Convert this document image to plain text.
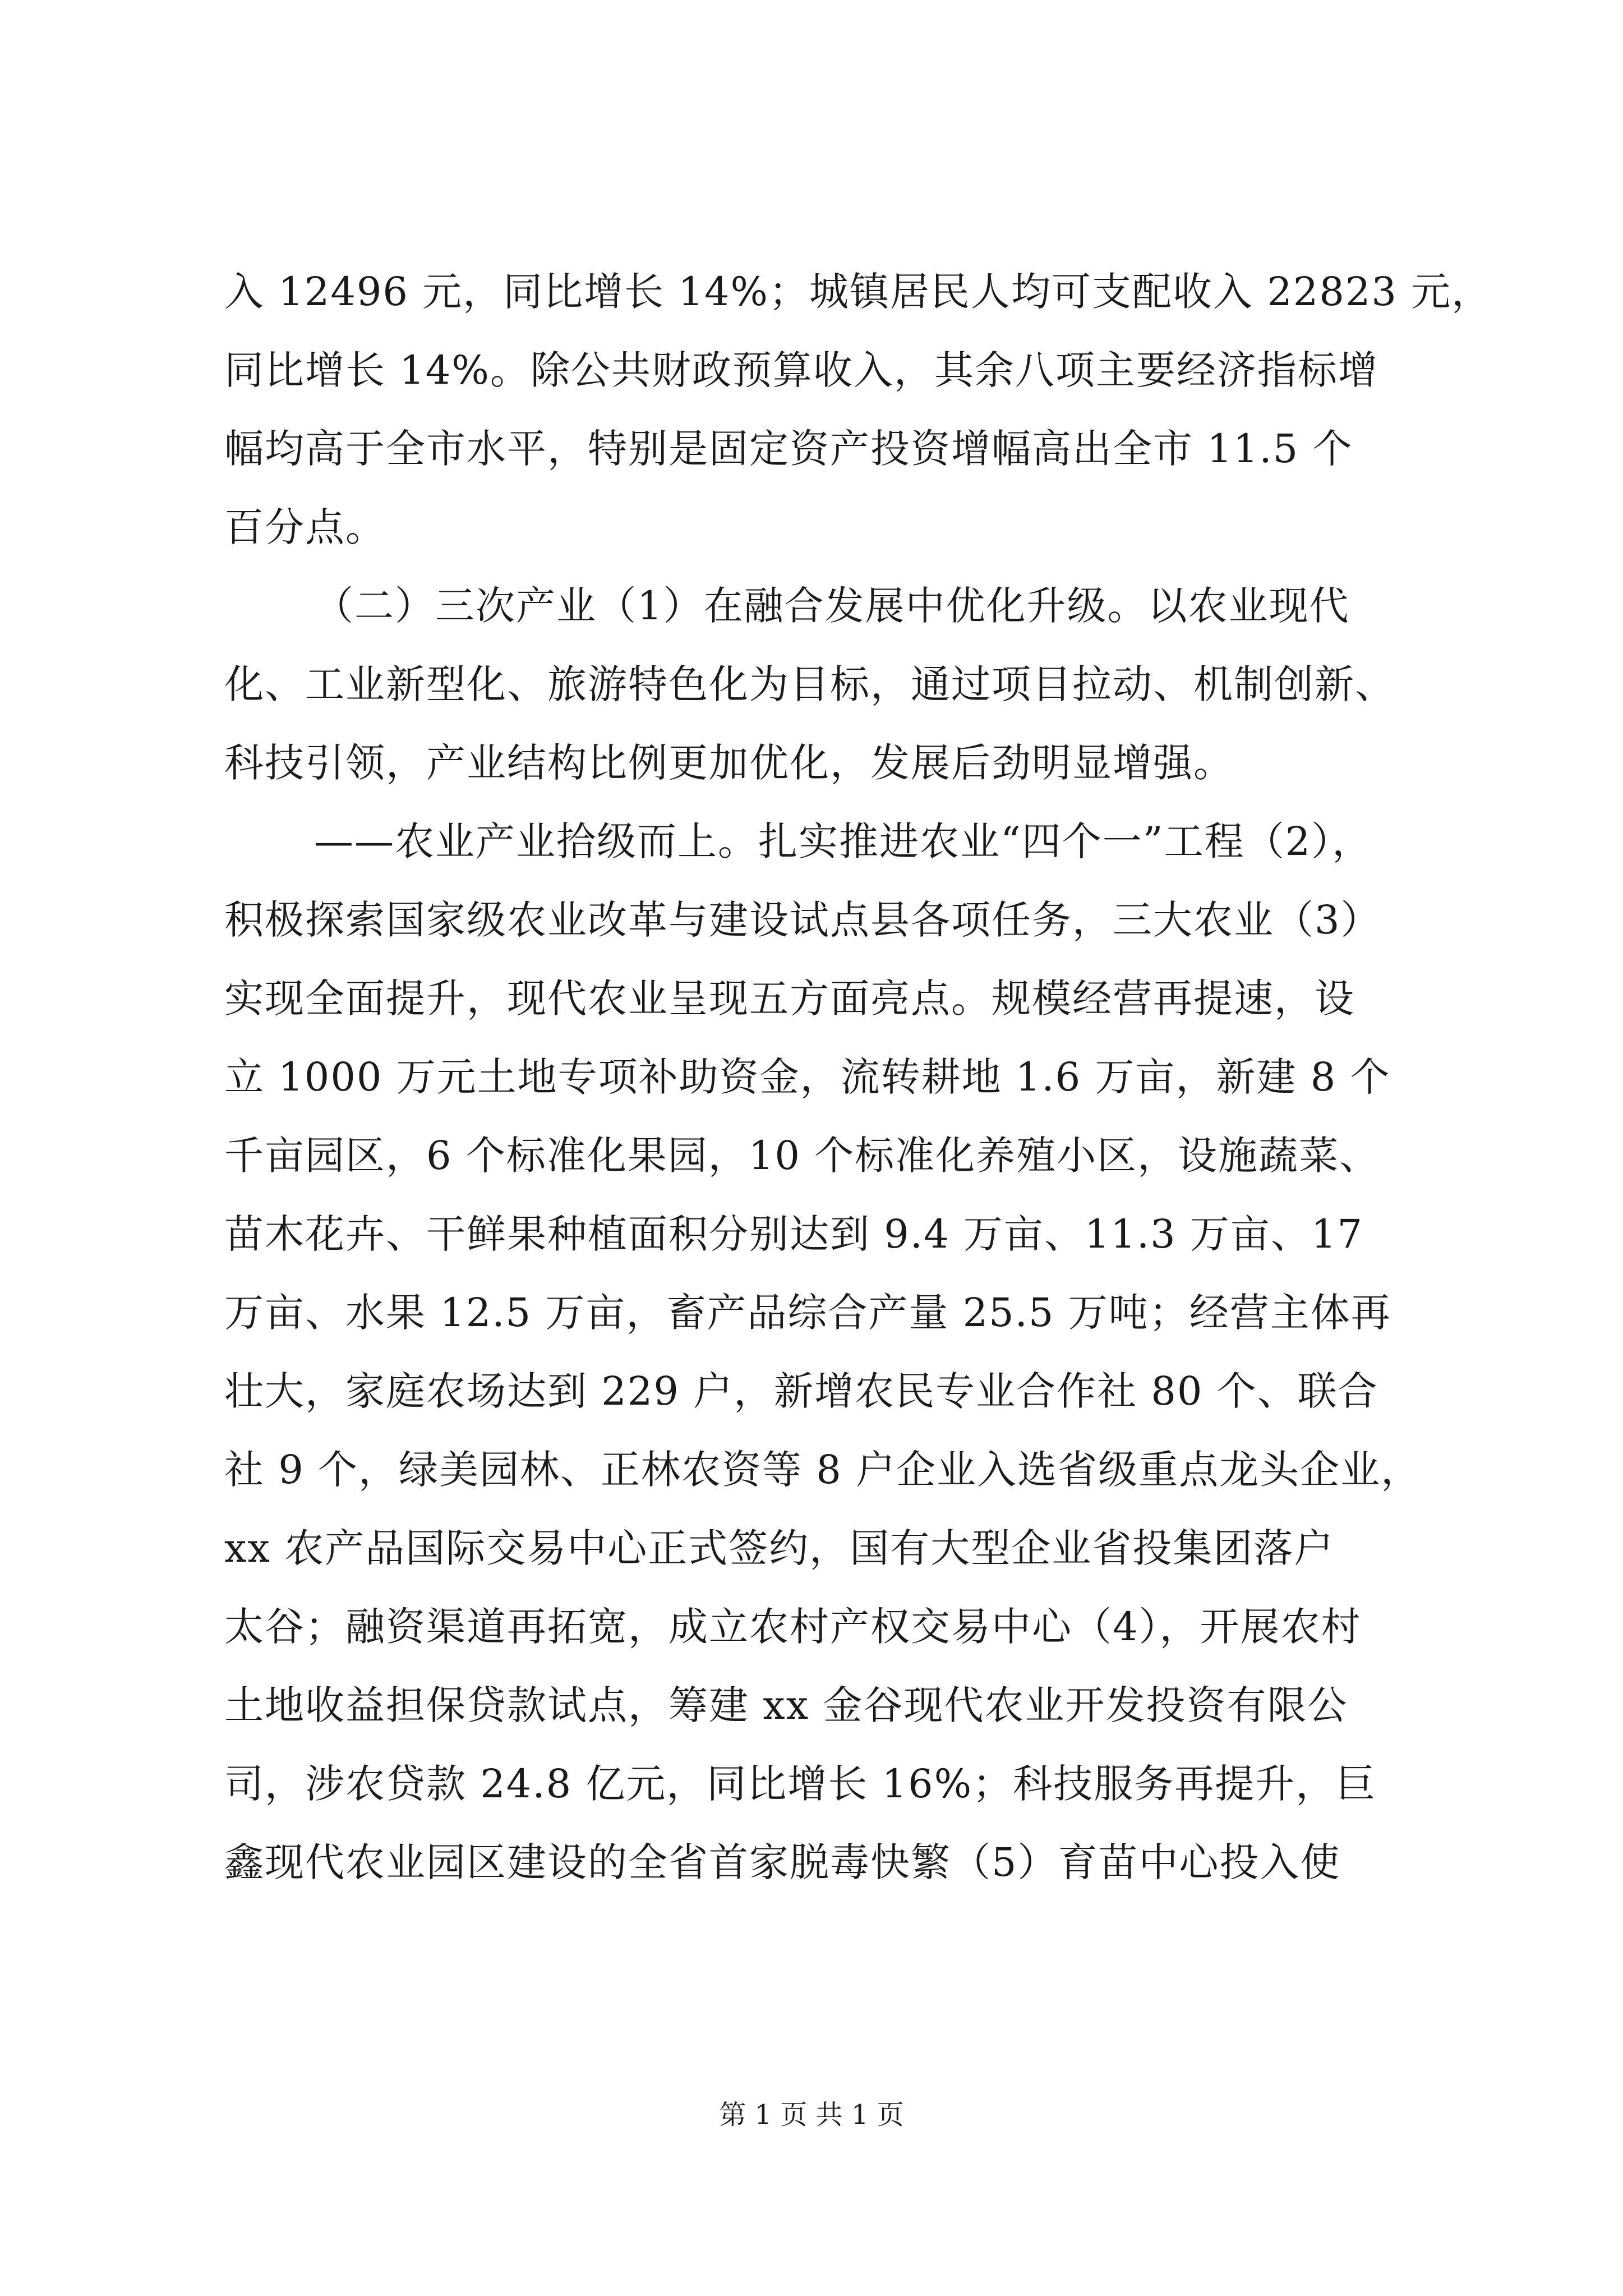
入 12496 元，同比增长 14%；城镇居民人均可支配收入 22823 元，
同比增长 14%。除公共财政预算收入，其余八项主要经济指标增
幅均高于全市水平，特别是固定资产投资增幅高出全市 11.5 个
百分点。
（二）三次产业（1）在融合发展中优化升级。以农业现代
化、工业新型化、旅游特色化为目标，通过项目拉动、机制创新、
科技引领，产业结构比例更加优化，发展后劲明显增强。
——农业产业拾级而上。扎实推进农业“四个一”工程（2），
积极探索国家级农业改革与建设试点县各项任务，三大农业（3）
实现全面提升，现代农业呈现五方面亮点。规模经营再提速，设
立 1000 万元土地专项补助资金，流转耕地 1.6 万亩，新建 8 个
千亩园区，6 个标准化果园，10 个标准化养殖小区，设施蔬菜、
苗木花卉、干鲜果种植面积分别达到 9.4 万亩、11.3 万亩、17
万亩、水果 12.5 万亩，畜产品综合产量 25.5 万吨；经营主体再
壮大，家庭农场达到 229 户，新增农民专业合作社 80 个、联合
社 9 个，绿美园林、正林农资等 8 户企业入选省级重点龙头企业，
xx 农产品国际交易中心正式签约，国有大型企业省投集团落户
太谷；融资渠道再拓宽，成立农村产权交易中心（4），开展农村
土地收益担保贷款试点，筹建 xx 金谷现代农业开发投资有限公
司，涉农贷款 24.8 亿元，同比增长 16%；科技服务再提升，巨
鑫现代农业园区建设的全省首家脱毒快繁（5）育苗中心投入使
第 1 页 共 1 页
